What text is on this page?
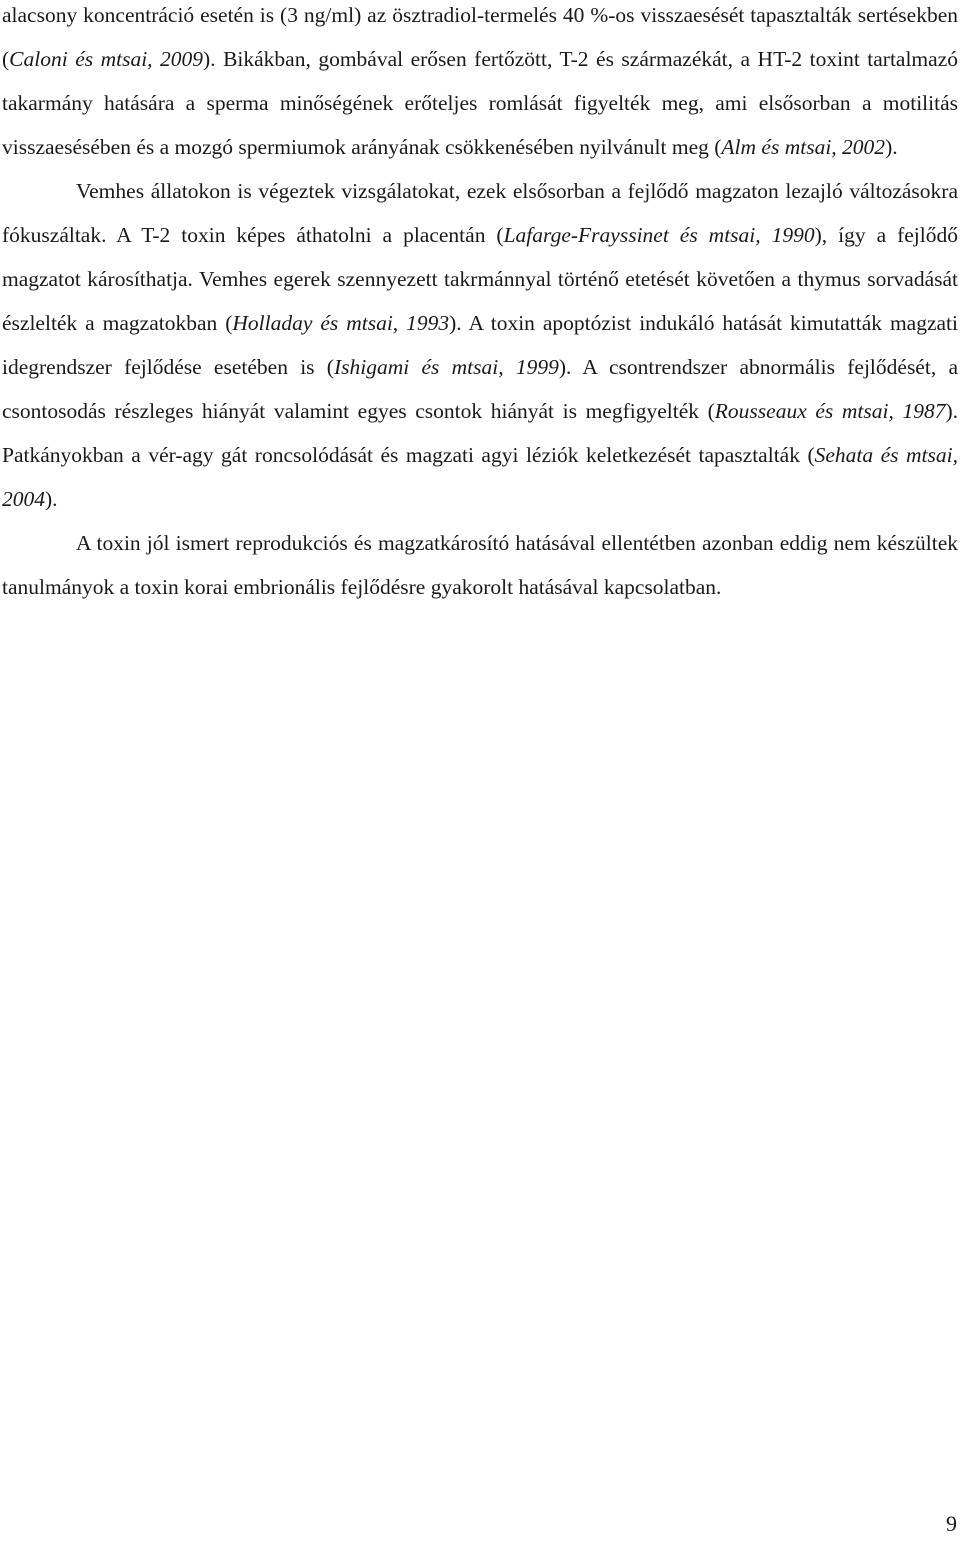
alacsony koncentráció esetén is (3 ng/ml) az ösztradiol-termelés 40 %-os visszaesését tapasztalták sertésekben (Caloni és mtsai, 2009). Bikákban, gombával erősen fertőzött, T-2 és származékát, a HT-2 toxint tartalmazó takarmány hatására a sperma minőségének erőteljes romlását figyelték meg, ami elsősorban a motilitás visszaesésében és a mozgó spermiumok arányának csökkenésében nyilvánult meg (Alm és mtsai, 2002).

Vemhes állatokon is végeztek vizsgálatokat, ezek elsősorban a fejlődő magzaton lezajló változásokra fókuszáltak. A T-2 toxin képes áthatolni a placentán (Lafarge-Frayssinet és mtsai, 1990), így a fejlődő magzatot károsíthatja. Vemhes egerek szennyezett takrmánnyal történő etetését követően a thymus sorvadását észlelték a magzatokban (Holladay és mtsai, 1993). A toxin apoptózist indukáló hatását kimutatták magzati idegrendszer fejlődése esetében is (Ishigami és mtsai, 1999). A csontrendszer abnormális fejlődését, a csontosodás részleges hiányát valamint egyes csontok hiányát is megfigyelték (Rousseaux és mtsai, 1987). Patkányokban a vér-agy gát roncsolódását és magzati agyi léziók keletkezését tapasztalták (Sehata és mtsai, 2004).

A toxin jól ismert reprodukciós és magzatkárosító hatásával ellentétben azonban eddig nem készültek tanulmányok a toxin korai embrionális fejlődésre gyakorolt hatásával kapcsolatban.

9
